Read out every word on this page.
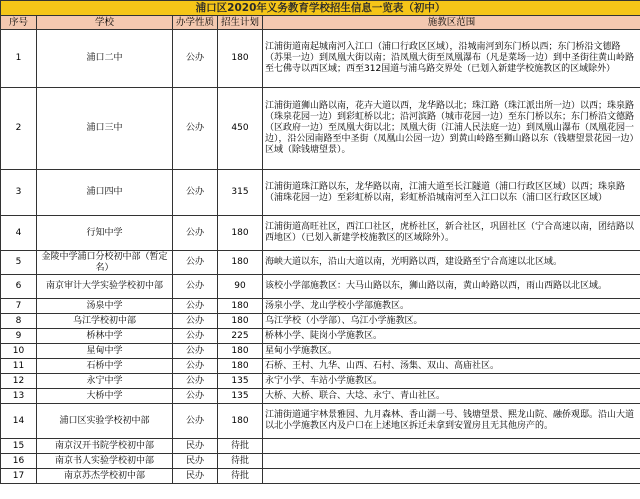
浦口区2020年义务教育学校招生信息一览表（初中）				
序号	学校	办学性质	招生计划	施教区范围
1	浦口二中	公办	180	江浦街道南起城南河入江口（浦口行政区区域），沿城南河到东门桥以西；东门桥沿文德路（苏果一边）到凤凰大街以南；沿凤凰大街至凤凰瀑布（凡是菜场一边）到中圣街往黄山岭路至七佛寺以西区域；西至312国道与浦乌路交界处（已划入新建学校施教区的区域除外）
2	浦口三中	公办	450	江浦街道狮山路以南，花卉大道以西，龙华路以北；珠江路（珠江派出所一边）以西；珠泉路（珠泉花园一边）到彩虹桥以北；沿河滨路（城市花园一边）至东门桥以东；东门桥沿文德路（区政府一边）至凤凰大街以北；凤凰大街（江浦人民法庭一边）到凤凰山瀑布（凤凰花园一边），沿公园南路至中圣街（凤凰山公园一边）到黄山岭路至狮山路以东（钱塘望景花园一边）区域（除钱塘望景）。
3	浦口四中	公办	315	江浦街道珠江路以东，龙华路以南，江浦大道至长江隧道（浦口行政区区域）以西；珠泉路（浦珠花园一边）至彩虹桥以南，彩虹桥沿城南河至入江口以东（浦口区行政区区域）
4	行知中学	公办	180	江浦街道高旺社区，西江口社区，虎桥社区，新合社区，巩固社区（宁合高速以南，团结路以西地区）（已划入新建学校施教区的区域除外）。
5	金陵中学浦口分校初中部（暂定名）	公办	180	海峡大道以东，沿山大道以南，光明路以西，建设路至宁合高速以北区域。
6	南京审计大学实验学校初中部	公办	90	该校小学部施教区：大马山路以东，狮山路以南，黄山岭路以西，雨山西路以北区域。
7	汤泉中学	公办	180	汤泉小学、龙山学校小学部施教区。
8	乌江学校初中部	公办	180	乌江学校（小学部）、乌江小学施教区。
9	桥林中学	公办	225	桥林小学、陡岗小学施教区。
10	星甸中学	公办	180	星甸小学施教区。
11	石桥中学	公办	180	石桥、王村、九华、山西、石村、汤集、双山、高庙社区。
12	永宁中学	公办	135	永宁小学、车站小学施教区。
13	大桥中学	公办	135	大桥、大桥、联合、大埝、永宁、青山社区。
14	浦口区实验学校初中部	公办	180	江浦街道通宇林景雅园、九月森林、香山湖一号、钱塘望景、熙龙山院、融侨观邸。沿山大道以北小学施教区内及户口在上述地区拆迁未拿到安置房且无其他房产的。
15	南京汉开书院学校初中部	民办	待批	
16	南京书人实验学校初中部	民办	待批	
17	南京苏杰学校初中部	民办	待批	
